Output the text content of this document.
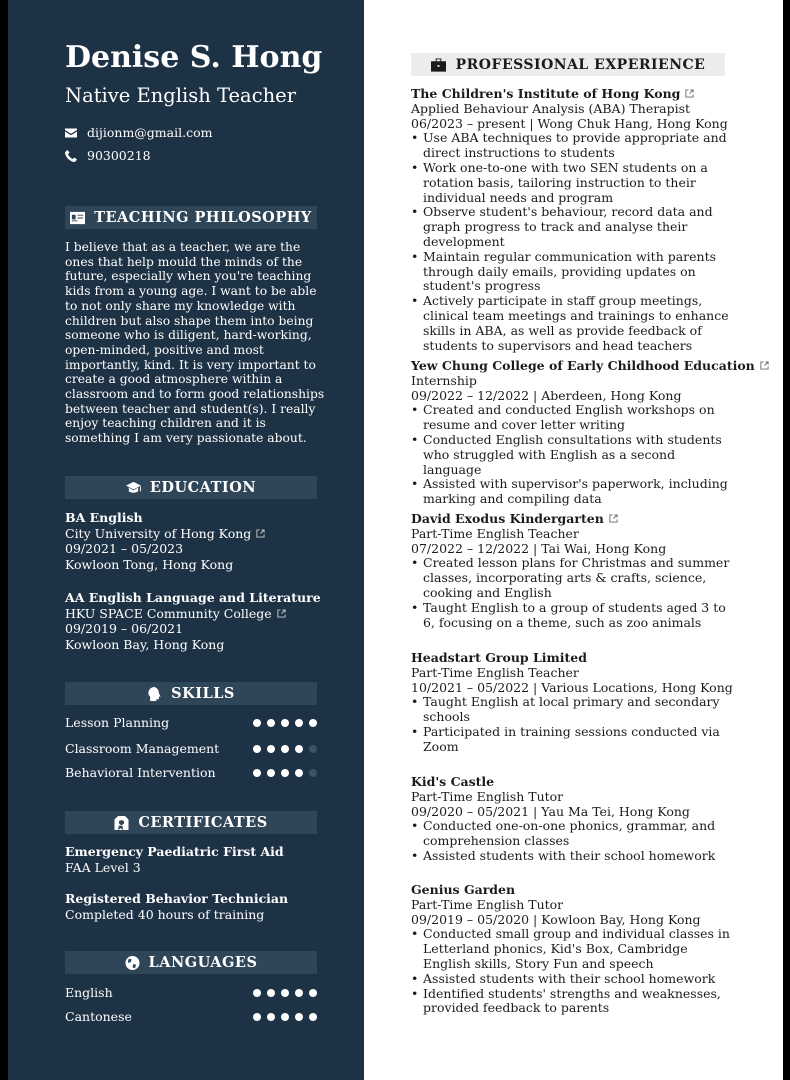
Denise S. Hong
Native English Teacher
dijionm@gmail.com
90300218
TEACHING PHILOSOPHY
I believe that as a teacher, we are the ones that help mould the minds of the future, especially when you're teaching kids from a young age. I want to be able to not only share my knowledge with children but also shape them into being someone who is diligent, hard-working, open-minded, positive and most importantly, kind. It is very important to create a good atmosphere within a classroom and to form good relationships between teacher and student(s). I really enjoy teaching children and it is something I am very passionate about.
EDUCATION
BA English
City University of Hong Kong
09/2021 – 05/2023
Kowloon Tong, Hong Kong
AA English Language and Literature
HKU SPACE Community College
09/2019 – 06/2021
Kowloon Bay, Hong Kong
SKILLS
Lesson Planning
Classroom Management
Behavioral Intervention
CERTIFICATES
Emergency Paediatric First Aid
FAA Level 3
Registered Behavior Technician
Completed 40 hours of training
LANGUAGES
English
Cantonese
PROFESSIONAL EXPERIENCE
The Children's Institute of Hong Kong
Applied Behaviour Analysis (ABA) Therapist
06/2023 – present | Wong Chuk Hang, Hong Kong
• Use ABA techniques to provide appropriate and direct instructions to students
• Work one-to-one with two SEN students on a rotation basis, tailoring instruction to their individual needs and program
• Observe student's behaviour, record data and graph progress to track and analyse their development
• Maintain regular communication with parents through daily emails, providing updates on student's progress
• Actively participate in staff group meetings, clinical team meetings and trainings to enhance skills in ABA, as well as provide feedback of students to supervisors and head teachers
Yew Chung College of Early Childhood Education
Internship
09/2022 – 12/2022 | Aberdeen, Hong Kong
• Created and conducted English workshops on resume and cover letter writing
• Conducted English consultations with students who struggled with English as a second language
• Assisted with supervisor's paperwork, including marking and compiling data
David Exodus Kindergarten
Part-Time English Teacher
07/2022 – 12/2022 | Tai Wai, Hong Kong
• Created lesson plans for Christmas and summer classes, incorporating arts & crafts, science, cooking and English
• Taught English to a group of students aged 3 to 6, focusing on a theme, such as zoo animals
Headstart Group Limited
Part-Time English Teacher
10/2021 – 05/2022 | Various Locations, Hong Kong
• Taught English at local primary and secondary schools
• Participated in training sessions conducted via Zoom
Kid's Castle
Part-Time English Tutor
09/2020 – 05/2021 | Yau Ma Tei, Hong Kong
• Conducted one-on-one phonics, grammar, and comprehension classes
• Assisted students with their school homework
Genius Garden
Part-Time English Tutor
09/2019 – 05/2020 | Kowloon Bay, Hong Kong
• Conducted small group and individual classes in Letterland phonics, Kid's Box, Cambridge English skills, Story Fun and speech
• Assisted students with their school homework
• Identified students' strengths and weaknesses, provided feedback to parents
